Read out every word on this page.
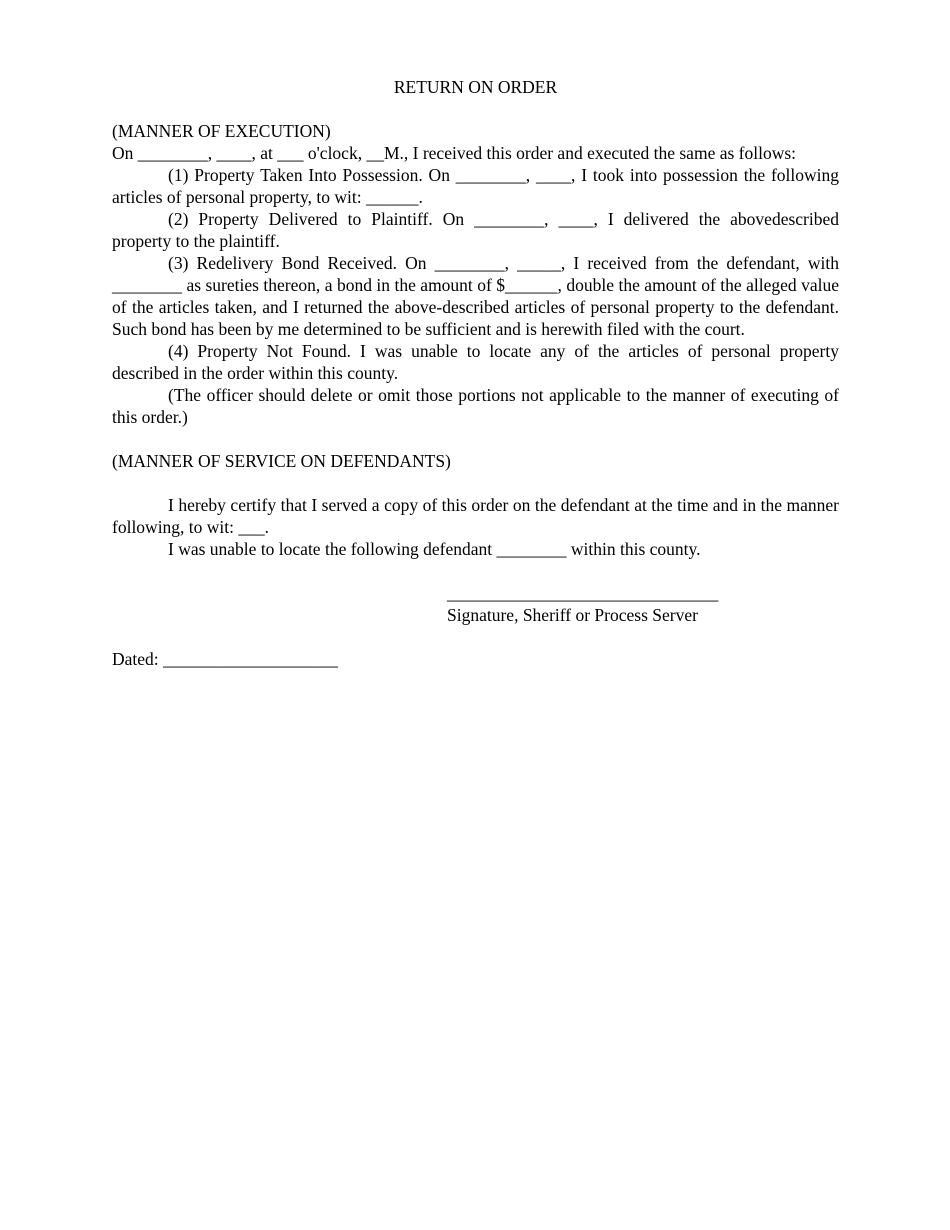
RETURN ON ORDER

(MANNER OF EXECUTION)

On ________, ____, at ___ o'clock, __M., I received this order and executed the same as follows:

(1) Property Taken Into Possession. On ________, ____, I took into possession the following articles of personal property, to wit: ______.

(2) Property Delivered to Plaintiff. On ________, ____, I delivered the abovedescribed property to the plaintiff.

(3) Redelivery Bond Received. On ________, _____, I received from the defendant, with ________ as sureties thereon, a bond in the amount of $______, double the amount of the alleged value of the articles taken, and I returned the above-described articles of personal property to the defendant. Such bond has been by me determined to be sufficient and is herewith filed with the court.

(4) Property Not Found. I was unable to locate any of the articles of personal property described in the order within this county.

(The officer should delete or omit those portions not applicable to the manner of executing of this order.)

(MANNER OF SERVICE ON DEFENDANTS)

I hereby certify that I served a copy of this order on the defendant at the time and in the manner following, to wit: ___.

I was unable to locate the following defendant ________ within this county.

_______________________________

Signature, Sheriff or Process Server

Dated: ____________________
